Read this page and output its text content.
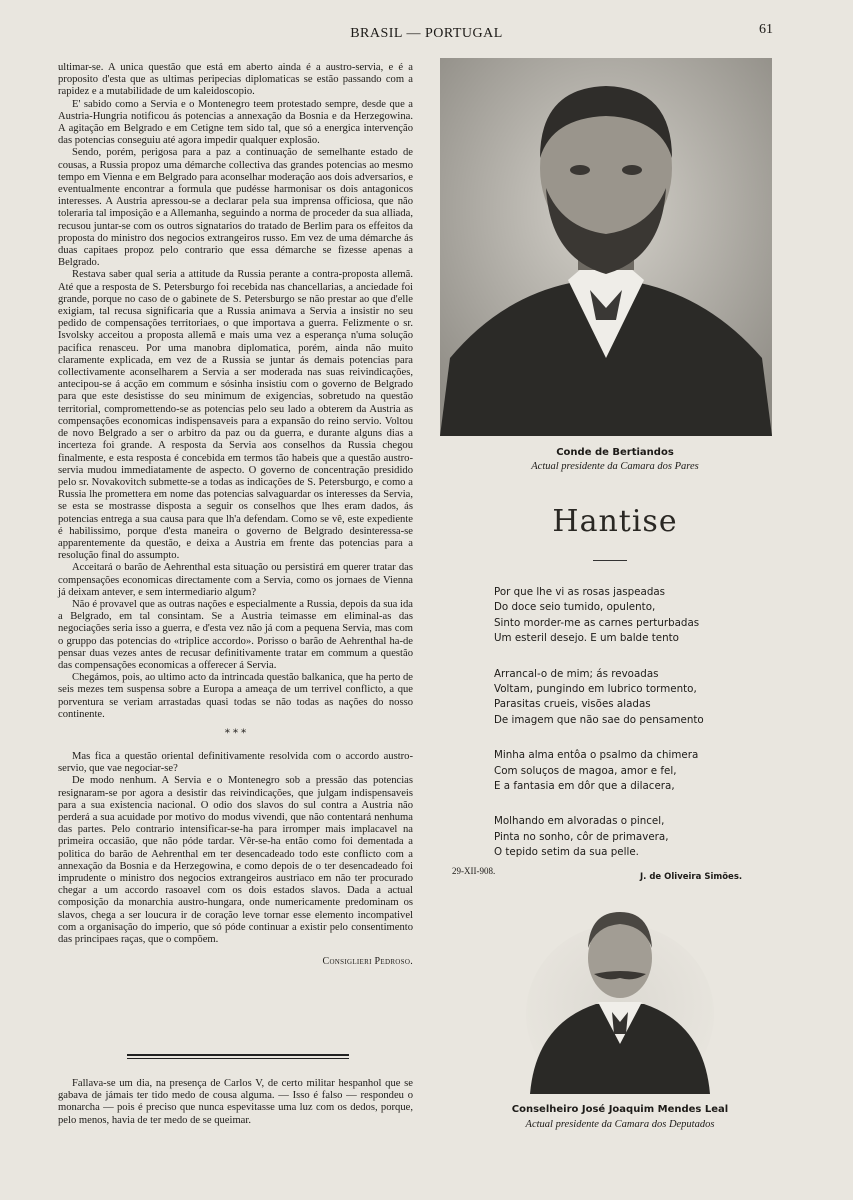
BRASIL — PORTUGAL	61

ultimar-se. A unica questão que está em aberto ainda é a austro-servia, e é a proposito d'esta que as ultimas peripecias diplomaticas se estão passando com a rapidez e a mutabilidade de um kaleidoscopio.

E' sabido como a Servia e o Montenegro teem protestado sempre, desde que a Austria-Hungria notificou ás potencias a annexação da Bosnia e da Herzegowina. A agitação em Belgrado e em Cetigne tem sido tal, que só a energica intervenção das potencias conseguiu até agora impedir qualquer explosão.

Sendo, porém, perigosa para a paz a continuação de semelhante estado de cousas, a Russia propoz uma démarche collectiva das grandes potencias ao mesmo tempo em Vienna e em Belgrado para aconselhar moderação aos dois adversarios, e eventualmente encontrar a formula que pudésse harmonisar os dois antagonicos interesses. A Austria apressou-se a declarar pela sua imprensa officiosa, que não toleraria tal imposição e a Allemanha, seguindo a norma de proceder da sua alliada, recusou juntar-se com os outros signatarios do tratado de Berlim para os effeitos da proposta do ministro dos negocios extrangeiros russo. Em vez de uma démarche ás duas capitaes propoz pelo contrario que essa démarche se fizesse apenas a Belgrado.

Restava saber qual seria a attitude da Russia perante a contra-proposta allemã. Até que a resposta de S. Petersburgo foi recebida nas chancellarias, a anciedade foi grande, porque no caso de o gabinete de S. Petersburgo se não prestar ao que d'elle exigiam, tal recusa significaria que a Russia animava a Servia a insistir no seu pedido de compensações territoriaes, o que importava a guerra. Felizmente o sr. Isvolsky acceitou a proposta allemã e mais uma vez a esperança n'uma solução pacifica renasceu. Por uma manobra diplomatica, porém, ainda não muito claramente explicada, em vez de a Russia se juntar ás demais potencias para collectivamente aconselharem a Servia a ser moderada nas suas reivindicações, antecipou-se á acção em commum e sósinha insistiu com o governo de Belgrado para que este desistisse do seu minimum de exigencias, sobretudo na questão territorial, compromettendo-se as potencias pelo seu lado a obterem da Austria as compensações economicas indispensaveis para a expansão do reino servio. Voltou de novo Belgrado a ser o arbitro da paz ou da guerra, e durante alguns dias a incerteza foi grande. A resposta da Servia aos conselhos da Russia chegou finalmente, e esta resposta é concebida em termos tão habeis que a questão austro-servia mudou immediatamente de aspecto. O governo de concentração presidido pelo sr. Novakovitch submette-se a todas as indicações de S. Petersburgo, e como a Russia lhe promettera em nome das potencias salvaguardar os interesses da Servia, se esta se mostrasse disposta a seguir os conselhos que lhes eram dados, ás potencias entrega a sua causa para que lh'a defendam. Como se vê, este expediente é habilissimo, porque d'esta maneira o governo de Belgrado desinteressa-se apparentemente da questão, e deixa a Austria em frente das potencias para a resolução final do assumpto.

Acceitará o barão de Aehrenthal esta situação ou persistirá em querer tratar das compensações economicas directamente com a Servia, como os jornaes de Vienna já deixam antever, e sem intermediario algum?

Não é provavel que as outras nações e especialmente a Russia, depois da sua ida a Belgrado, em tal consintam. Se a Austria teimasse em eliminal-as das negociações seria isso a guerra, e d'esta vez não já com a pequena Servia, mas com o gruppo das potencias do «triplice accordo». Porisso o barão de Aehrenthal ha-de pensar duas vezes antes de recusar definitivamente tratar em commum a questão das compensações economicas a offerecer á Servia.

Chegámos, pois, ao ultimo acto da intrincada questão balkanica, que ha perto de seis mezes tem suspensa sobre a Europa a ameaça de um terrivel conflicto, a que porventura se veriam arrastadas quasi todas se não todas as nações do nosso continente.

* * *

Mas fica a questão oriental definitivamente resolvida com o accordo austro-servio, que vae negociar-se?

De modo nenhum. A Servia e o Montenegro sob a pressão das potencias resignaram-se por agora a desistir das reivindicações, que julgam indispensaveis para a sua existencia nacional. O odio dos slavos do sul contra a Austria não perderá a sua acuidade por motivo do modus vivendi, que não contentará nenhuma das partes. Pelo contrario intensificar-se-ha para irromper mais implacavel na primeira occasião, que não póde tardar. Vêr-se-ha então como foi dementada a politica do barão de Aehrenthal em ter desencadeado todo este conflicto com a annexação da Bosnia e da Herzegowina, e como depois de o ter desencadeado foi imprudente o ministro dos negocios extrangeiros austriaco em não ter procurado chegar a um accordo rasoavel com os dois estados slavos. Dada a actual composição da monarchia austro-hungara, onde numericamente predominam os slavos, chega a ser loucura ir de coração leve tornar esse elemento incompativel com a organisação do imperio, que só póde continuar a existir pelo consentimento das principaes raças, que o compõem.

Consiglieri Pedroso.

Fallava-se um dia, na presença de Carlos V, de certo militar hespanhol que se gabava de jámais ter tido medo de cousa alguma. — Isso é falso — respondeu o monarcha — pois é preciso que nunca espevitasse uma luz com os dedos, porque, pelo menos, havia de ter medo de se queimar.

Conde de Bertiandos
Actual presidente da Camara dos Pares
Hantise
Por que lhe vi as rosas jaspeadas
Do doce seio tumido, opulento,
Sinto morder-me as carnes perturbadas
Um esteril desejo. E um balde tento
Arrancal-o de mim; ás revoadas
Voltam, pungindo em lubrico tormento,
Parasitas crueis, visões aladas
De imagem que não sae do pensamento
Minha alma entôa o psalmo da chimera
Com soluços de magoa, amor e fel,
E a fantasia em dôr que a dilacera,
Molhando em alvoradas o pincel,
Pinta no sonho, côr de primavera,
O tepido setim da sua pelle.
29-XII-908.
J. de Oliveira Simões.
Conselheiro José Joaquim Mendes Leal
Actual presidente da Camara dos Deputados
